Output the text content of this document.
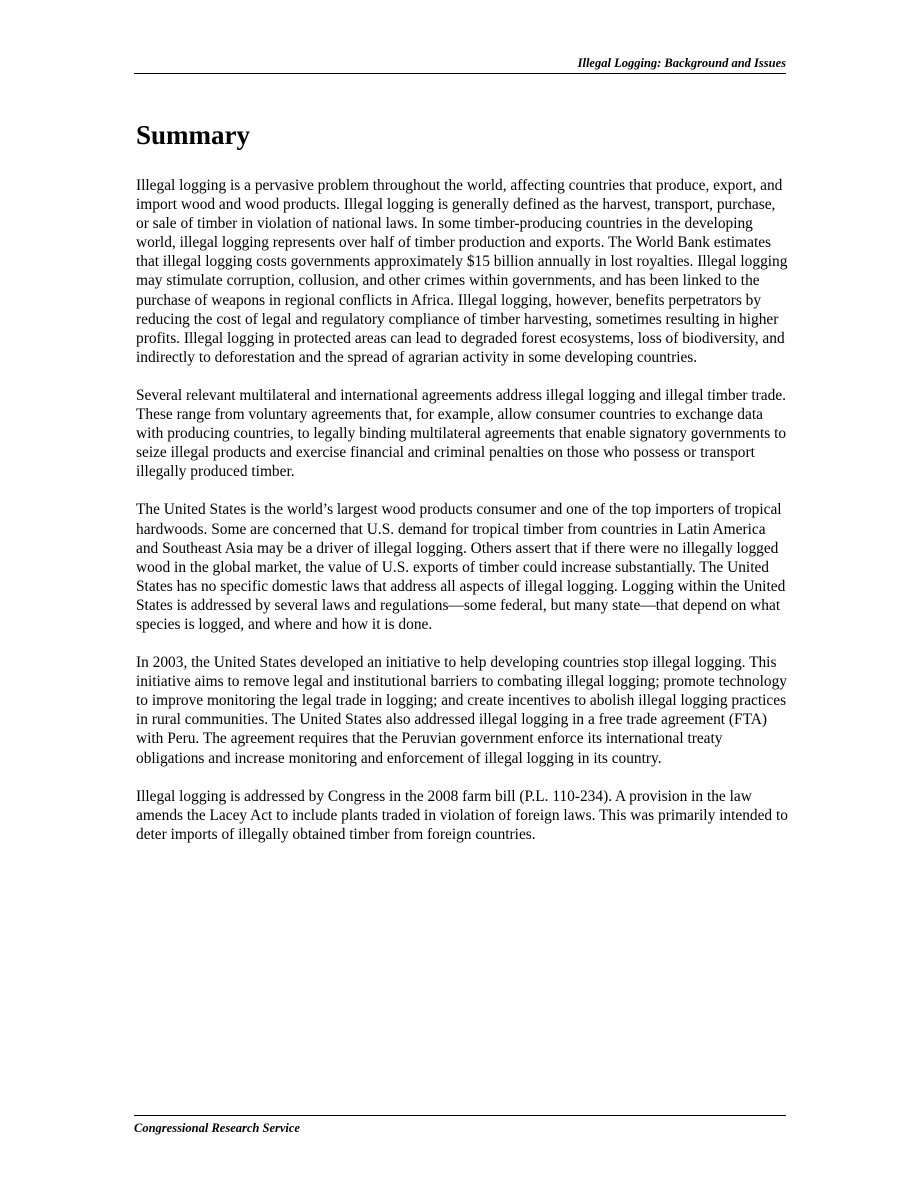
Illegal Logging: Background and Issues
Summary

Illegal logging is a pervasive problem throughout the world, affecting countries that produce, export, and import wood and wood products. Illegal logging is generally defined as the harvest, transport, purchase, or sale of timber in violation of national laws. In some timber-producing countries in the developing world, illegal logging represents over half of timber production and exports. The World Bank estimates that illegal logging costs governments approximately $15 billion annually in lost royalties. Illegal logging may stimulate corruption, collusion, and other crimes within governments, and has been linked to the purchase of weapons in regional conflicts in Africa. Illegal logging, however, benefits perpetrators by reducing the cost of legal and regulatory compliance of timber harvesting, sometimes resulting in higher profits. Illegal logging in protected areas can lead to degraded forest ecosystems, loss of biodiversity, and indirectly to deforestation and the spread of agrarian activity in some developing countries.

Several relevant multilateral and international agreements address illegal logging and illegal timber trade. These range from voluntary agreements that, for example, allow consumer countries to exchange data with producing countries, to legally binding multilateral agreements that enable signatory governments to seize illegal products and exercise financial and criminal penalties on those who possess or transport illegally produced timber.

The United States is the world’s largest wood products consumer and one of the top importers of tropical hardwoods. Some are concerned that U.S. demand for tropical timber from countries in Latin America and Southeast Asia may be a driver of illegal logging. Others assert that if there were no illegally logged wood in the global market, the value of U.S. exports of timber could increase substantially. The United States has no specific domestic laws that address all aspects of illegal logging. Logging within the United States is addressed by several laws and regulations—some federal, but many state—that depend on what species is logged, and where and how it is done.

In 2003, the United States developed an initiative to help developing countries stop illegal logging. This initiative aims to remove legal and institutional barriers to combating illegal logging; promote technology to improve monitoring the legal trade in logging; and create incentives to abolish illegal logging practices in rural communities. The United States also addressed illegal logging in a free trade agreement (FTA) with Peru. The agreement requires that the Peruvian government enforce its international treaty obligations and increase monitoring and enforcement of illegal logging in its country.

Illegal logging is addressed by Congress in the 2008 farm bill (P.L. 110-234). A provision in the law amends the Lacey Act to include plants traded in violation of foreign laws. This was primarily intended to deter imports of illegally obtained timber from foreign countries.

Congressional Research Service
